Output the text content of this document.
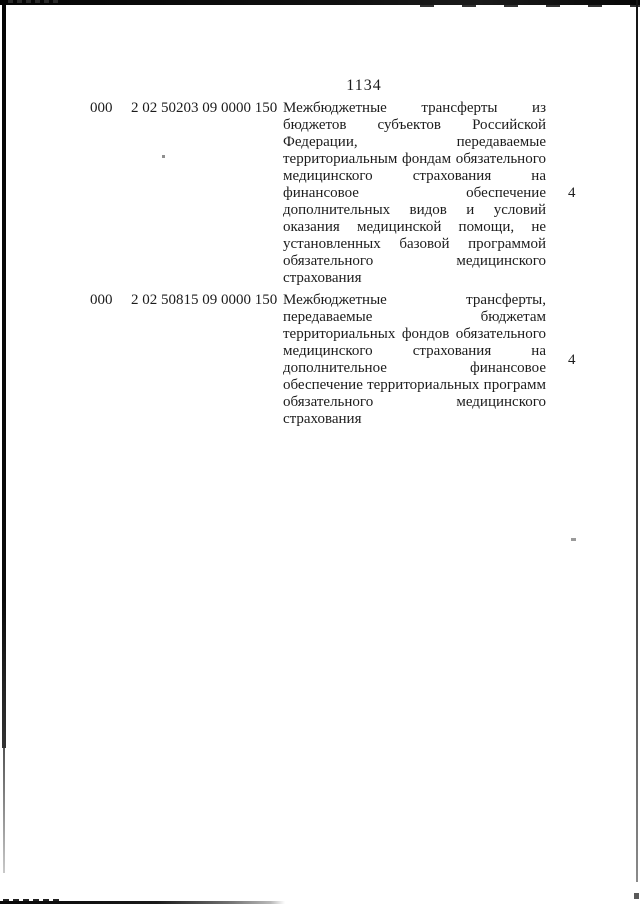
1134
000	2 02 50203 09 0000 150 Межбюджетные трансферты из бюджетов субъектов Российской Федерации, передаваемые территориальным фондам обязательного медицинского страхования на финансовое обеспечение дополнительных видов и условий оказания медицинской помощи, не установленных базовой программой обязательного медицинского страхования
4
000	2 02 50815 09 0000 150 Межбюджетные трансферты, передаваемые бюджетам территориальных фондов обязательного медицинского страхования на дополнительное финансовое обеспечение территориальных программ обязательного медицинского страхования
4
